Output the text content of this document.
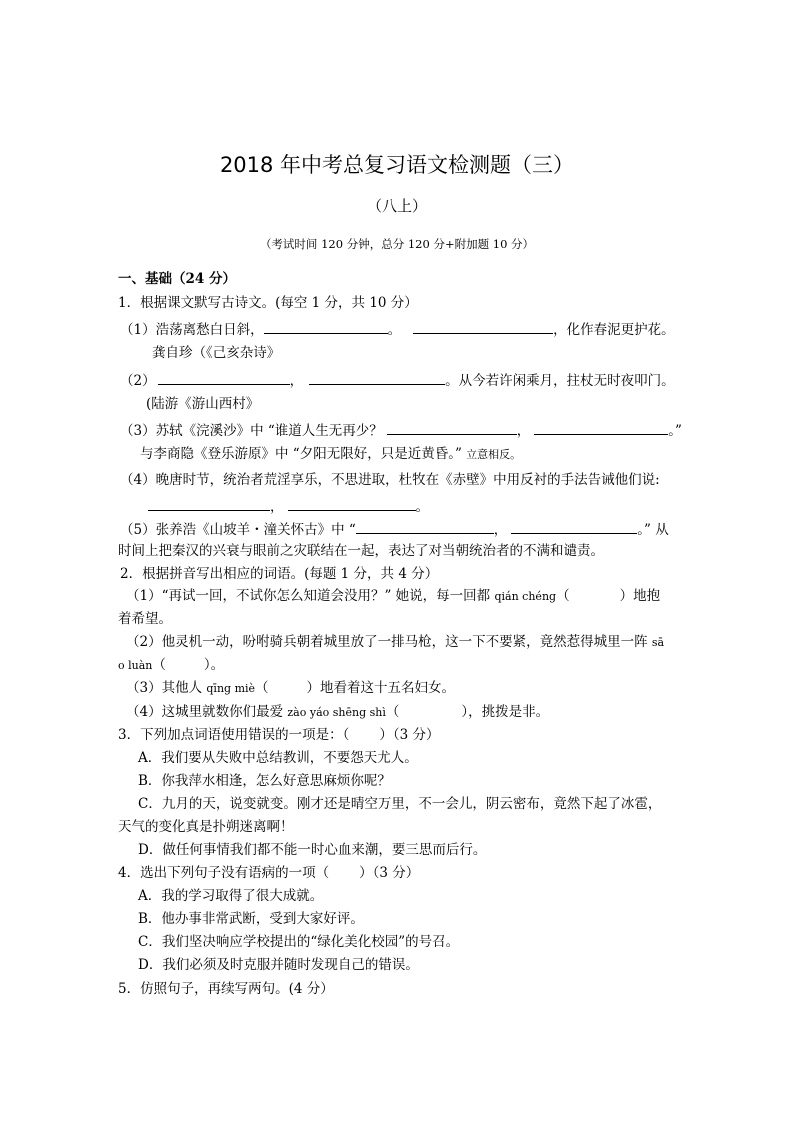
2018 年中考总复习语文检测题（三）
（八上）
（考试时间 120 分钟，总分 120 分+附加题 10 分）
一、基础（24 分）
1．根据课文默写古诗文。(每空 1 分，共 10 分）
（1）浩荡离愁白日斜，	。	，化作春泥更护花。
龚自珍（《己亥杂诗》
（2）	，	。从今若许闲乘月，拄杖无时夜叩门。
(陆游《游山西村》
（3）苏轼《浣溪沙》中 “谁道人生无再少？	，	。”
与李商隐《登乐游原》中 “夕阳无限好，只是近黄昏。” 立意相反。
（4）晚唐时节，统治者荒淫享乐，不思进取，杜牧在《赤壁》中用反衬的手法告诫他们说:
，	。
（5）张养浩《山坡羊・潼关怀古》中 “	，	。” 从
时间上把秦汉的兴衰与眼前之灾联结在一起，表达了对当朝统治者的不满和谴责。
2．根据拼音写出相应的词语。(每题 1 分，共 4 分）
（1）“再试一回，不试你怎么知道会没用？” 她说，每一回都 qián chéng（	）地抱
着希望。
（2）他灵机一动，吩咐骑兵朝着城里放了一排马枪，这一下不要紧，竟然惹得城里一阵 sā
o luàn（	）。
（3）其他人 qīng miè（	）地看着这十五名妇女。
（4）这城里就数你们最爱 zào yáo shēng shì（	），挑拨是非。
3．下列加点词语使用错误的一项是：（ ）（3 分）
A．我们要从失败中总结教训，不要怨天尤人。
B．你我萍水相逢，怎么好意思麻烦你呢？
C．九月的天，说变就变。刚才还是晴空万里，不一会儿，阴云密布，竟然下起了冰雹，
天气的变化真是扑朔迷离啊！
D．做任何事情我们都不能一时心血来潮，要三思而后行。
4．选出下列句子没有语病的一项（ ）（3 分）
A．我的学习取得了很大成就。
B．他办事非常武断，受到大家好评。
C．我们坚决响应学校提出的“绿化美化校园”的号召。
D．我们必须及时克服并随时发现自己的错误。
5．仿照句子，再续写两句。(4 分）
